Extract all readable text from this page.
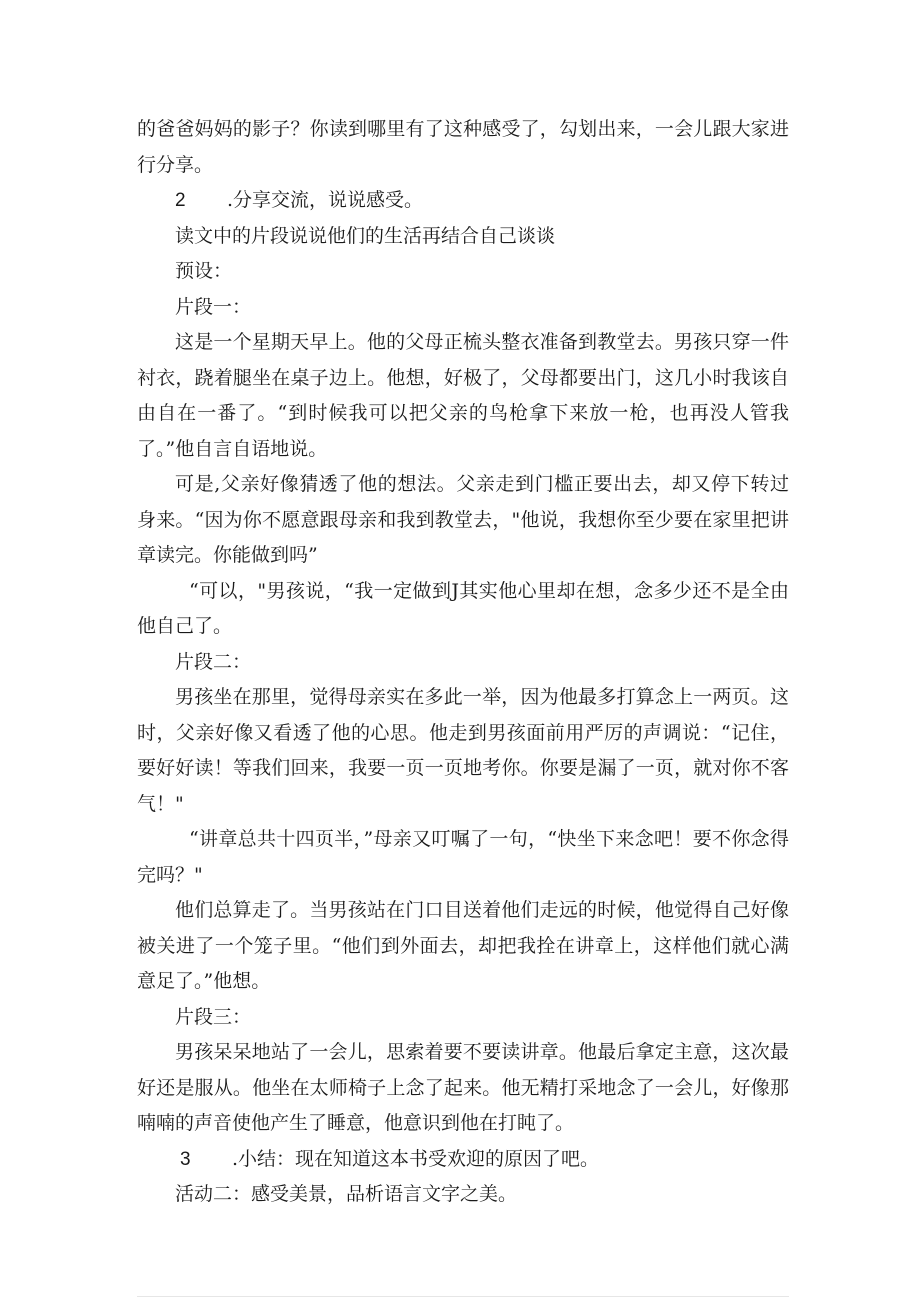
的爸爸妈妈的影子？你读到哪里有了这种感受了，勾划出来，一会儿跟大家进行分享。

2 .分享交流，说说感受。

读文中的片段说说他们的生活再结合自己谈谈

预设：

片段一：

这是一个星期天早上。他的父母正梳头整衣准备到教堂去。男孩只穿一件衬衣，跷着腿坐在桌子边上。他想，好极了，父母都要出门，这几小时我该自由自在一番了。“到时候我可以把父亲的鸟枪拿下来放一枪，也再没人管我了。”他自言自语地说。

可是,父亲好像猜透了他的想法。父亲走到门槛正要出去，却又停下转过身来。“因为你不愿意跟母亲和我到教堂去，"他说，我想你至少要在家里把讲章读完。你能做到吗”

“可以，"男孩说，“我一定做到J其实他心里却在想，念多少还不是全由他自己了。

片段二：

男孩坐在那里，觉得母亲实在多此一举，因为他最多打算念上一两页。这时，父亲好像又看透了他的心思。他走到男孩面前用严厉的声调说：“记住，要好好读！等我们回来，我要一页一页地考你。你要是漏了一页，就对你不客气！"

“讲章总共十四页半，”母亲又叮嘱了一句，“快坐下来念吧！要不你念得完吗？"

他们总算走了。当男孩站在门口目送着他们走远的时候，他觉得自己好像被关进了一个笼子里。“他们到外面去，却把我拴在讲章上，这样他们就心满意足了。”他想。

片段三：

男孩呆呆地站了一会儿，思索着要不要读讲章。他最后拿定主意，这次最好还是服从。他坐在太师椅子上念了起来。他无精打采地念了一会儿，好像那喃喃的声音使他产生了睡意，他意识到他在打盹了。

3 .小结：现在知道这本书受欢迎的原因了吧。

活动二：感受美景，品析语言文字之美。
